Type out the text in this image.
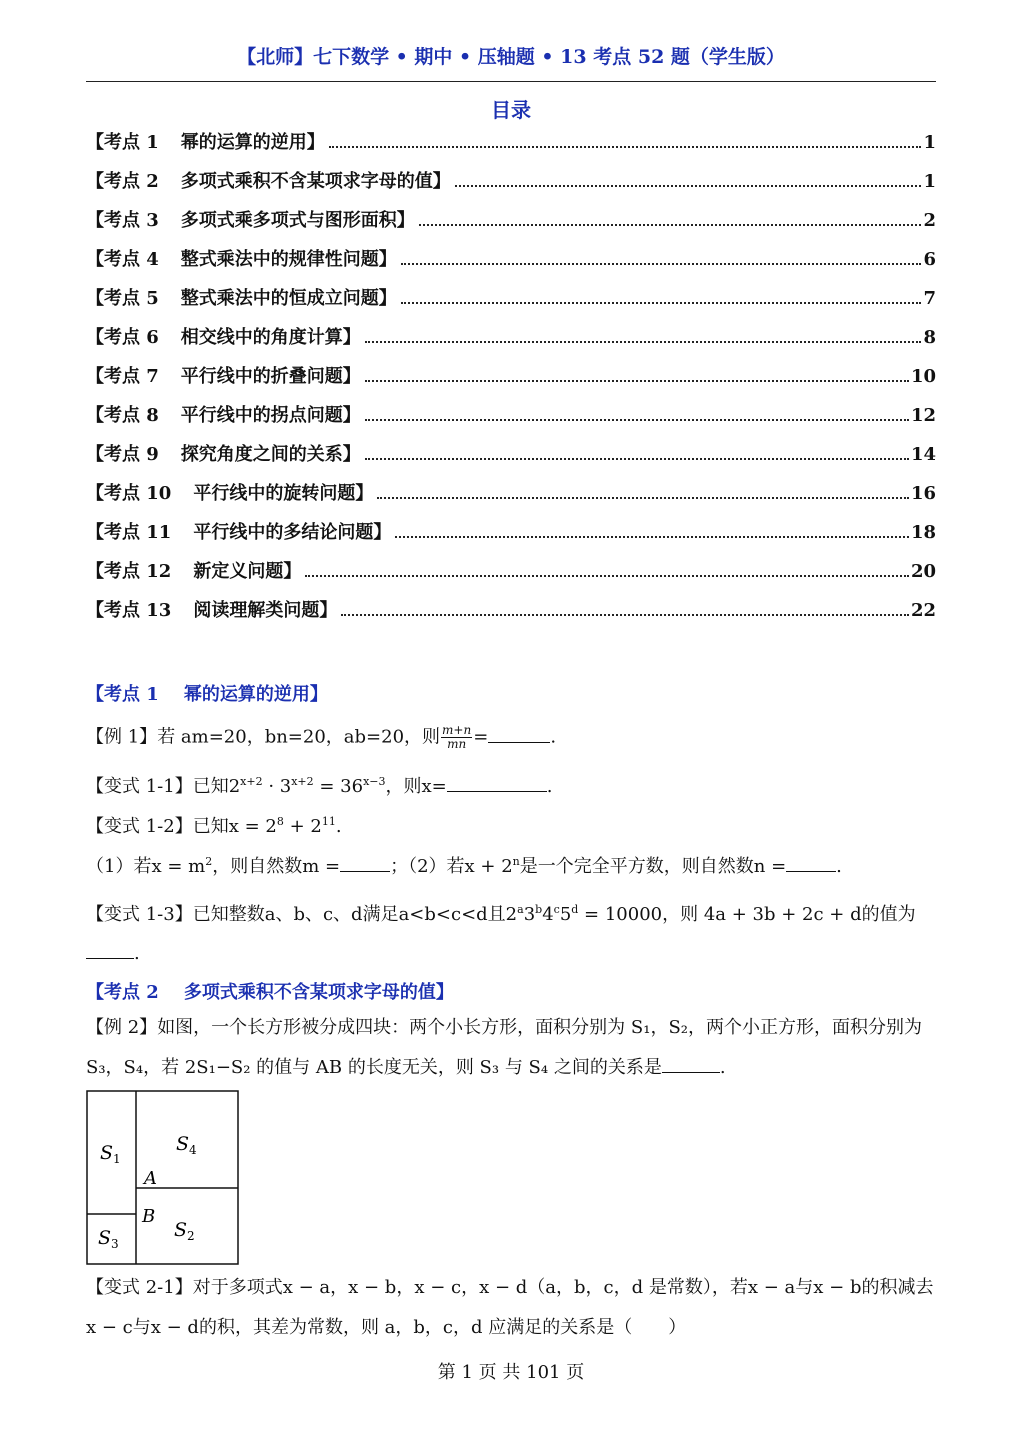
【北师】七下数学 • 期中 • 压轴题 • 13 考点 52 题（学生版）
目录
【考点 1 幂的运算的逆用】	1
【考点 2 多项式乘积不含某项求字母的值】	1
【考点 3 多项式乘多项式与图形面积】	2
【考点 4 整式乘法中的规律性问题】	6
【考点 5 整式乘法中的恒成立问题】	7
【考点 6 相交线中的角度计算】	8
【考点 7 平行线中的折叠问题】	10
【考点 8 平行线中的拐点问题】	12
【考点 9 探究角度之间的关系】	14
【考点 10 平行线中的旋转问题】	16
【考点 11 平行线中的多结论问题】	18
【考点 12 新定义问题】	20
【考点 13 阅读理解类问题】	22
【考点 1    幂的运算的逆用】
【例 1】若 am=20，bn=20，ab=20，则 $\frac{m+n}{mn}$ =	.
【变式 1-1】已知$2^{x+2} \cdot 3^{x+2} = 36^{x-3}$，则x=	.
【变式 1-2】已知$x = 2^8 + 2^{11}$.
（1）若$x = m^2$，则自然数m =	；（2）若$x + 2^n$是一个完全平方数，则自然数n =	.
【变式 1-3】已知整数a、b、c、d满足a<b<c<d且$2^a3^b4^c5^d = 10000$，则 4a + 3b + 2c + d的值为
.
【考点 2    多项式乘积不含某项求字母的值】
【例 2】如图，一个长方形被分成四块：两个小长方形，面积分别为 S₁，S₂，两个小正方形，面积分别为 S₃，S₄，若 2S₁−S₂ 的值与 AB 的长度无关，则 S₃ 与 S₄ 之间的关系是	.
$S_1$
$S_4$
A
B
$S_2$
$S_3$
【变式 2-1】对于多项式x − a，x − b，x − c，x − d（a，b，c，d 是常数），若x − a与x − b的积减去x − c与x − d的积，其差为常数，则 a，b，c，d 应满足的关系是（　　）
第 1 页 共 101 页
